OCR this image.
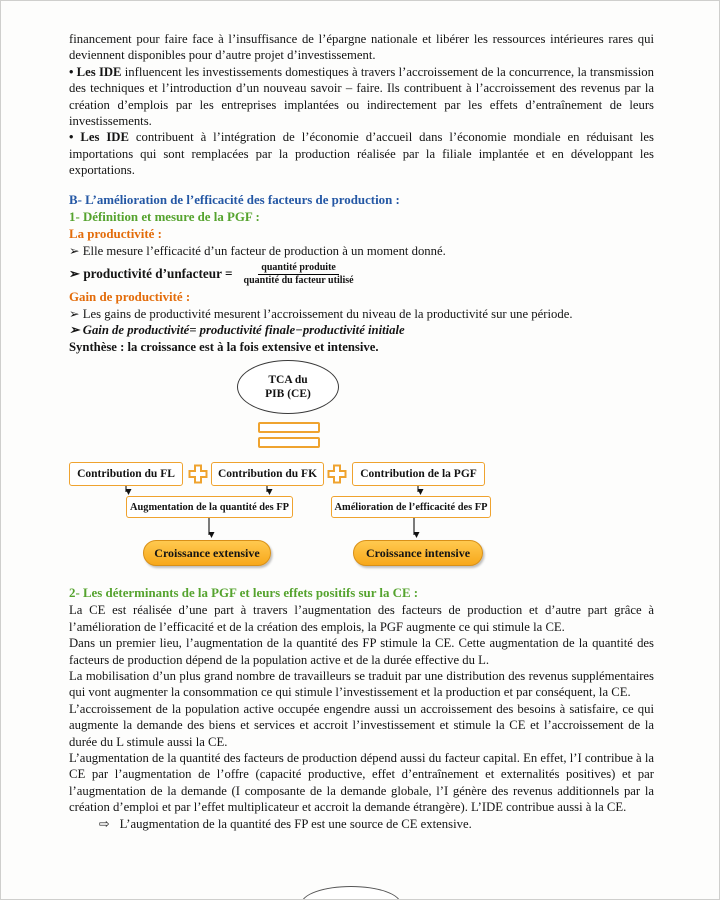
financement pour faire face à l’insuffisance de l’épargne nationale et libérer les ressources intérieures rares qui deviennent disponibles pour d’autre projet d’investissement.

• Les IDE influencent les investissements domestiques à travers l’accroissement de la concurrence, la transmission des techniques et l’introduction d’un nouveau savoir – faire. Ils contribuent à l’accroissement des revenus par la création d’emplois par les entreprises implantées ou indirectement par les effets d’entraînement de leurs investissements.

• Les IDE contribuent à l’intégration de l’économie d’accueil dans l’économie mondiale en réduisant les importations qui sont remplacées par la production réalisée par la filiale implantée et en développant les exportations.

B- L’amélioration de l’efficacité des facteurs de production :
1- Définition et mesure de la PGF :
La productivité :

➢ Elle mesure l’efficacité d’un facteur de production à un moment donné.

➢ productivité d’unfacteur = $\frac{\text{quantité produite}}{\text{quantité du facteur utilisé}}$
Gain de productivité :

➢ Les gains de productivité mesurent l’accroissement du niveau de la productivité sur une période.

➢ Gain de productivité= productivité finale−productivité initiale

Synthèse : la croissance est à la fois extensive et intensive.

TCA du
PIB (CE)
Contribution du FL	Contribution du FK	Contribution de la PGF
Augmentation de la quantité des FP	Amélioration de l’efficacité des FP
Croissance extensive	Croissance intensive
2- Les déterminants de la PGF et leurs effets positifs sur la CE :

La CE est réalisée d’une part à travers l’augmentation des facteurs de production et d’autre part grâce à l’amélioration de l’efficacité et de la création des emplois, la PGF augmente ce qui stimule la CE.

Dans un premier lieu, l’augmentation de la quantité des FP stimule la CE. Cette augmentation de la quantité des facteurs de production dépend de la population active et de la durée effective du L.

La mobilisation d’un plus grand nombre de travailleurs se traduit par une distribution des revenus supplémentaires qui vont augmenter la consommation ce qui stimule l’investissement et la production et par conséquent, la CE.

L’accroissement de la population active occupée engendre aussi un accroissement des besoins à satisfaire, ce qui augmente la demande des biens et services et accroit l’investissement et stimule la CE et l’accroissement de la durée du L stimule aussi la CE.

L’augmentation de la quantité des facteurs de production dépend aussi du facteur capital. En effet, l’I contribue à la CE par l’augmentation de l’offre (capacité productive, effet d’entraînement et externalités positives) et par l’augmentation de la demande (I composante de la demande globale, l’I génère des revenus additionnels par la création d’emploi et par l’effet multiplicateur et accroit la demande étrangère). L’IDE contribue aussi à la CE.

⇨ L’augmentation de la quantité des FP est une source de CE extensive.
